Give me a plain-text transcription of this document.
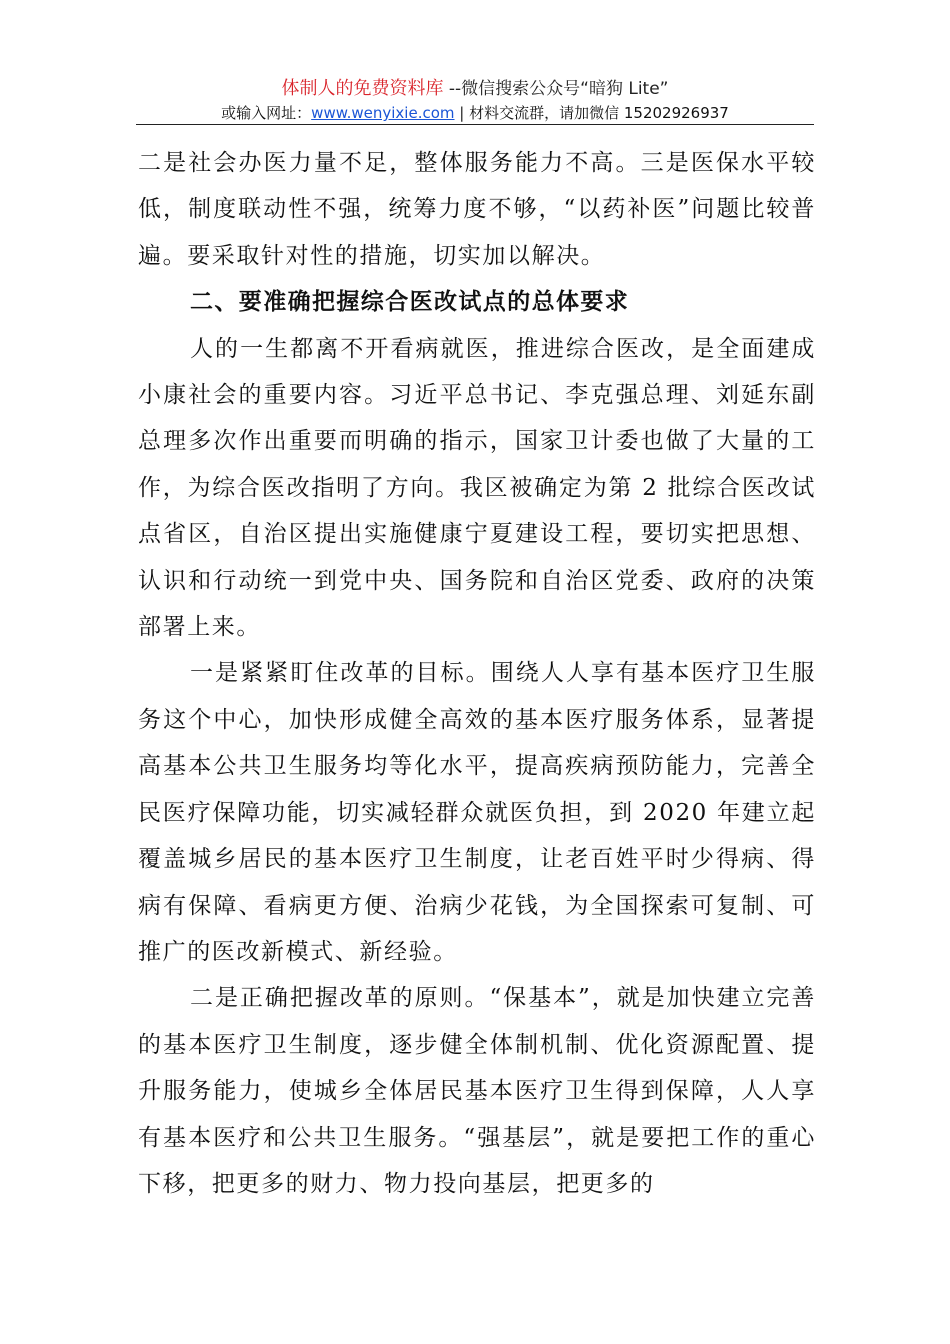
体制人的免费资料库 --微信搜索公众号“暗狗 Lite”
或输入网址：www.wenyixie.com | 材料交流群，请加微信 15202926937

二是社会办医力量不足，整体服务能力不高。三是医保水平较低，制度联动性不强，统筹力度不够，“以药补医”问题比较普遍。要采取针对性的措施，切实加以解决。

二、要准确把握综合医改试点的总体要求

人的一生都离不开看病就医，推进综合医改，是全面建成小康社会的重要内容。习近平总书记、李克强总理、刘延东副总理多次作出重要而明确的指示，国家卫计委也做了大量的工作，为综合医改指明了方向。我区被确定为第 2 批综合医改试点省区，自治区提出实施健康宁夏建设工程，要切实把思想、认识和行动统一到党中央、国务院和自治区党委、政府的决策部署上来。

一是紧紧盯住改革的目标。围绕人人享有基本医疗卫生服务这个中心，加快形成健全高效的基本医疗服务体系，显著提高基本公共卫生服务均等化水平，提高疾病预防能力，完善全民医疗保障功能，切实减轻群众就医负担，到 2020 年建立起覆盖城乡居民的基本医疗卫生制度，让老百姓平时少得病、得病有保障、看病更方便、治病少花钱，为全国探索可复制、可推广的医改新模式、新经验。

二是正确把握改革的原则。“保基本”，就是加快建立完善的基本医疗卫生制度，逐步健全体制机制、优化资源配置、提升服务能力，使城乡全体居民基本医疗卫生得到保障，人人享有基本医疗和公共卫生服务。“强基层”，就是要把工作的重心下移，把更多的财力、物力投向基层，把更多的
